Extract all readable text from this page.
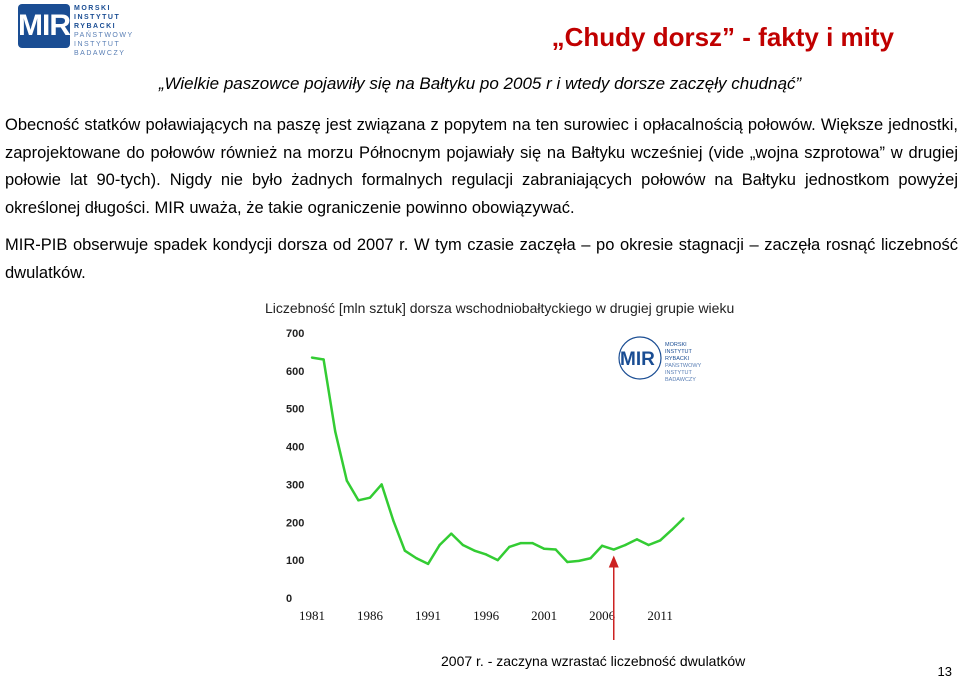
MIR
MORSKI
INSTYTUT
RYBACKI
PAŃSTWOWY
INSTYTUT
BADAWCZY
„Chudy dorsz” - fakty i mity
„Wielkie paszowce pojawiły się na Bałtyku po 2005 r i wtedy dorsze zaczęły chudnąć”
Obecność statków poławiających na paszę jest związana z popytem na ten surowiec i opłacalnością połowów. Większe jednostki, zaprojektowane do połowów również na morzu Północnym pojawiały się na Bałtyku wcześniej (vide „wojna szprotowa” w drugiej połowie lat 90-tych). Nigdy nie było żadnych formalnych regulacji zabraniających połowów na Bałtyku jednostkom powyżej określonej długości. MIR uważa, że takie ograniczenie powinno obowiązywać.
MIR-PIB obserwuje spadek kondycji dorsza od 2007 r. W tym czasie zaczęła – po okresie stagnacji – zaczęła rosnąć liczebność dwulatków.
Liczebność [mln sztuk] dorsza wschodniobałtyckiego w drugiej grupie wieku
MIR
MORSKI
INSTYTUT
RYBACKI
PAŃSTWOWY
INSTYTUT
BADAWCZY
0
100
200
300
400
500
600
700
1981 1986 1991 1996 2001 2006 2011
2007 r. - zaczyna wzrastać liczebność dwulatków
13
